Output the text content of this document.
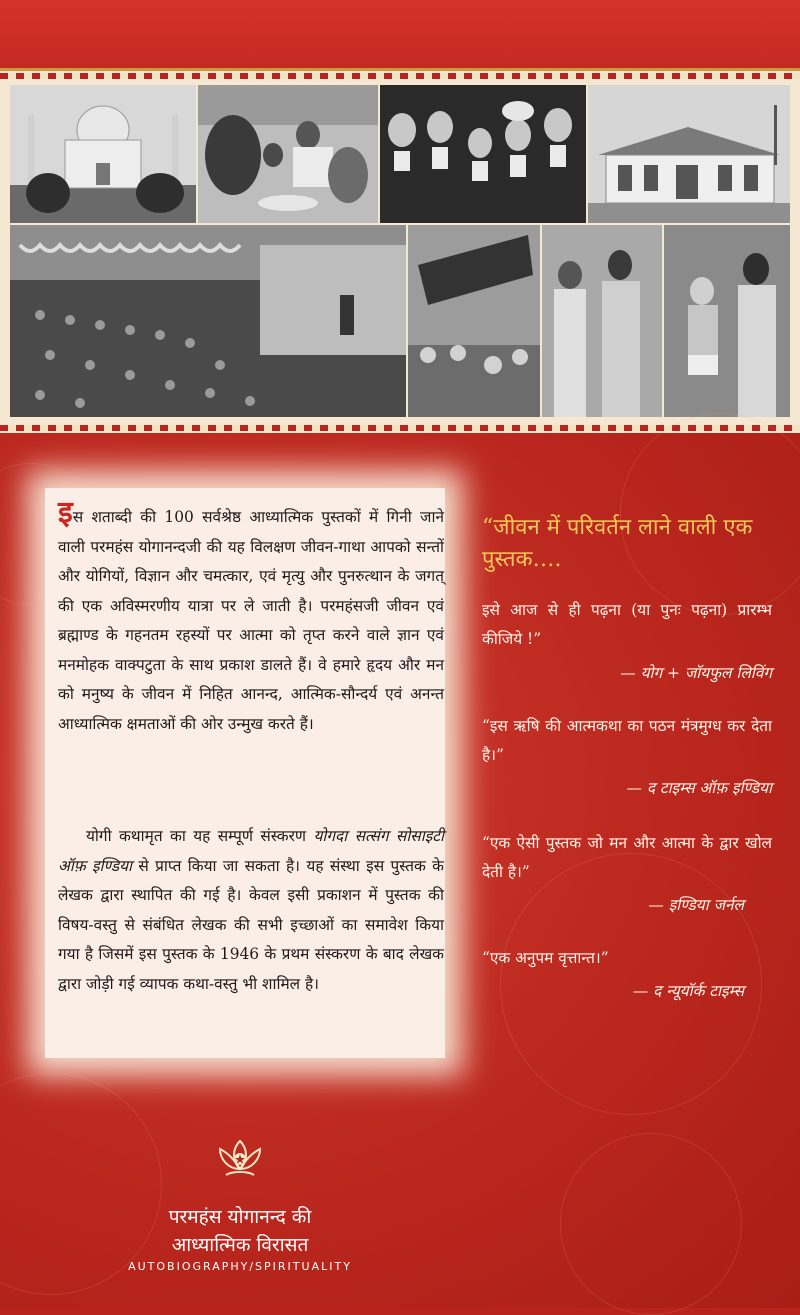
इस शताब्दी की 100 सर्वश्रेष्ठ आध्यात्मिक पुस्तकों में गिनी जाने वाली परमहंस योगानन्दजी की यह विलक्षण जीवन-गाथा आपको सन्तों और योगियों, विज्ञान और चमत्कार, एवं मृत्यु और पुनरुत्थान के जगत् की एक अविस्मरणीय यात्रा पर ले जाती है। परमहंसजी जीवन एवं ब्रह्माण्ड के गहनतम रहस्यों पर आत्मा को तृप्त करने वाले ज्ञान एवं मनमोहक वाक्पटुता के साथ प्रकाश डालते हैं। वे हमारे हृदय और मन को मनुष्य के जीवन में निहित आनन्द, आत्मिक-सौन्दर्य एवं अनन्त आध्यात्मिक क्षमताओं की ओर उन्मुख करते हैं।

योगी कथामृत का यह सम्पूर्ण संस्करण योगदा सत्संग सोसाइटी ऑफ़ इण्डिया से प्राप्त किया जा सकता है। यह संस्था इस पुस्तक के लेखक द्वारा स्थापित की गई है। केवल इसी प्रकाशन में पुस्तक की विषय-वस्तु से संबंधित लेखक की सभी इच्छाओं का समावेश किया गया है जिसमें इस पुस्तक के 1946 के प्रथम संस्करण के बाद लेखक द्वारा जोड़ी गई व्यापक कथा-वस्तु भी शामिल है।

“जीवन में परिवर्तन लाने वाली एक पुस्तक….
इसे आज से ही पढ़ना (या पुनः पढ़ना) प्रारम्भ कीजिये !”
— योग + जॉयफुल लिविंग
“इस ऋषि की आत्मकथा का पठन मंत्रमुग्ध कर देता है।”
— द टाइम्स ऑफ़ इण्डिया
“एक ऐसी पुस्तक जो मन और आत्मा के द्वार खोल देती है।”
— इण्डिया जर्नल
“एक अनुपम वृत्तान्त।”
— द न्यूयॉर्क टाइम्स
परमहंस योगानन्द की
आध्यात्मिक विरासत
AUTOBIOGRAPHY/SPIRITUALITY
